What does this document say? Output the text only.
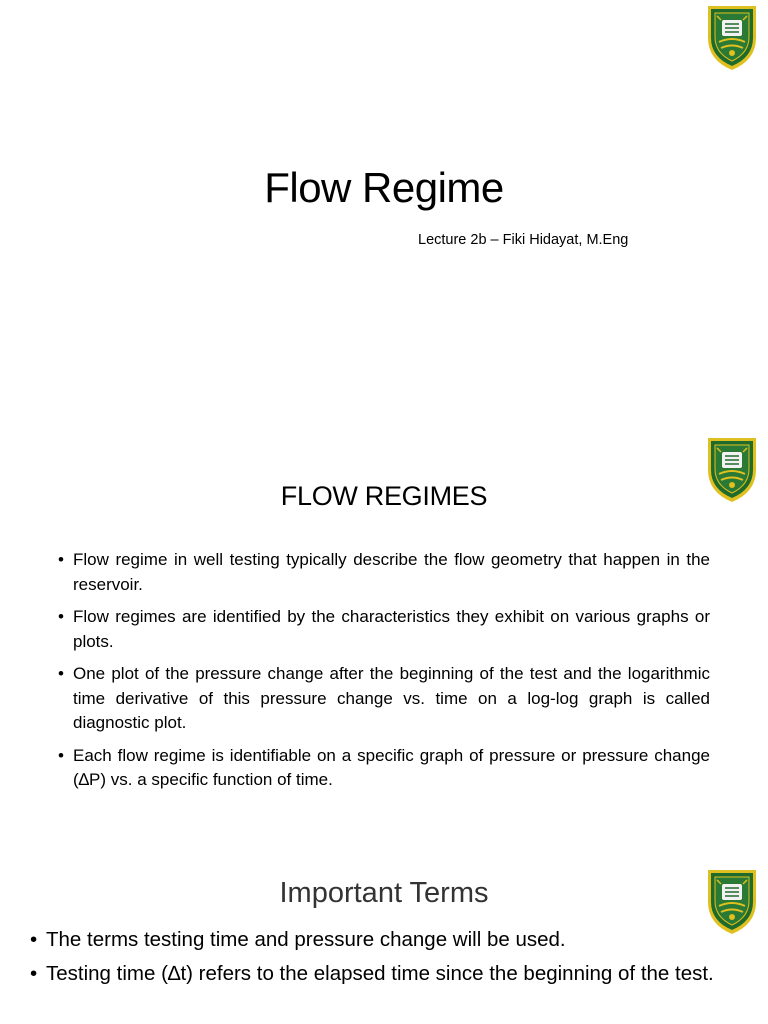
Flow Regime
Lecture 2b – Fiki Hidayat, M.Eng
FLOW REGIMES
• Flow regime in well testing typically describe the flow geometry that happen in the reservoir.
• Flow regimes are identified by the characteristics they exhibit on various graphs or plots.
• One plot of the pressure change after the beginning of the test and the logarithmic time derivative of this pressure change vs. time on a log-log graph is called diagnostic plot.
• Each flow regime is identifiable on a specific graph of pressure or pressure change (∆P) vs. a specific function of time.
Important Terms
• The terms testing time and pressure change will be used.
• Testing time (∆t) refers to the elapsed time since the beginning of the test.
